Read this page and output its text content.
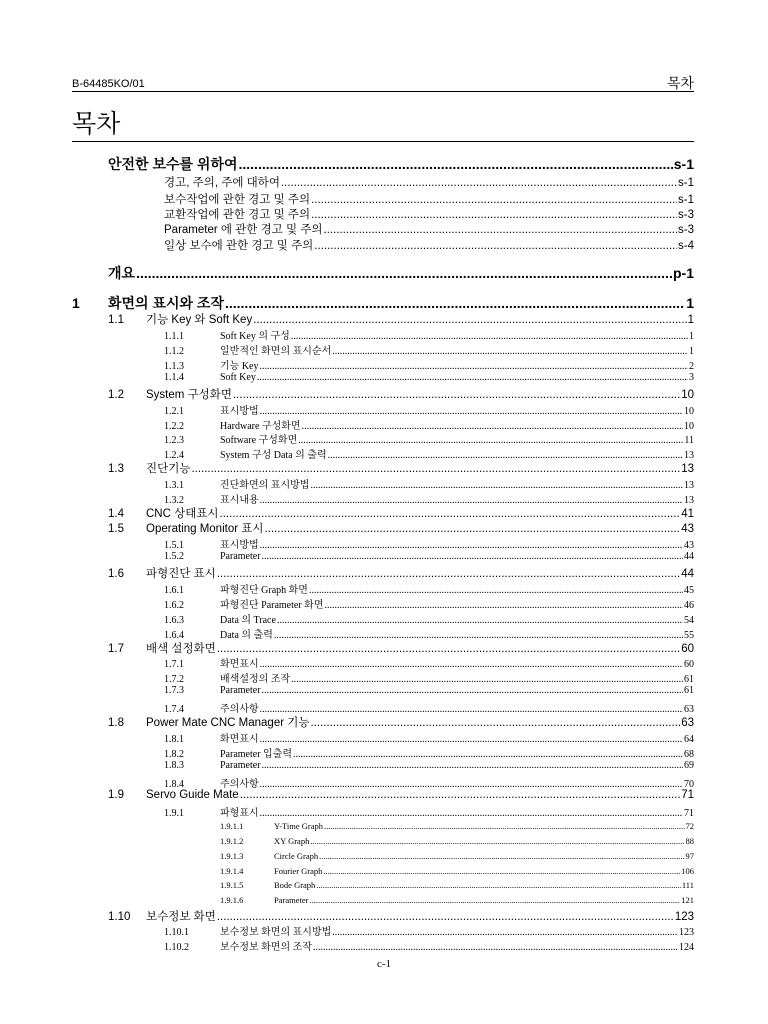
B-64485KO/01	목차
목차
안전한 보수를 위하여 .....	s-1
경고, 주의, 주에 대하여 .....	s-1
보수작업에 관한 경고 및 주의 .....	s-1
교환작업에 관한 경고 및 주의 .....	s-3
Parameter 에 관한 경고 및 주의 .....	s-3
일상 보수에 관한 경고 및 주의 .....	s-4
개요 .....	p-1
1	화면의 표시와 조작 .....	1
1.1	기능 Key 와 Soft Key .....	1
1.1.1	Soft Key 의 구성 .....	1
1.1.2	일반적인 화면의 표시순서 .....	1
1.1.3	기능 Key .....	2
1.1.4	Soft Key .....	3
1.2	System 구성화면 .....	10
1.2.1	표시방법 .....	10
1.2.2	Hardware 구성화면 .....	10
1.2.3	Software 구성화면 .....	11
1.2.4	System 구성 Data 의 출력 .....	13
1.3	진단기능 .....	13
1.3.1	진단화면의 표시방법 .....	13
1.3.2	표시내용 .....	13
1.4	CNC 상태표시 .....	41
1.5	Operating Monitor 표시 .....	43
1.5.1	표시방법 .....	43
1.5.2	Parameter .....	44
1.6	파형진단 표시 .....	44
1.6.1	파형진단 Graph 화면 .....	45
1.6.2	파형진단 Parameter 화면 .....	46
1.6.3	Data 의 Trace .....	54
1.6.4	Data 의 출력 .....	55
1.7	배색 설정화면 .....	60
1.7.1	화면표시 .....	60
1.7.2	배색설정의 조작 .....	61
1.7.3	Parameter .....	61
1.7.4	주의사항 .....	63
1.8	Power Mate CNC Manager 기능 .....	63
1.8.1	화면표시 .....	64
1.8.2	Parameter 입출력 .....	68
1.8.3	Parameter .....	69
1.8.4	주의사항 .....	70
1.9	Servo Guide Mate .....	71
1.9.1	파형표시 .....	71
1.9.1.1	Y-Time Graph .....	72
1.9.1.2	XY Graph .....	88
1.9.1.3	Circle Graph .....	97
1.9.1.4	Fourier Graph .....	106
1.9.1.5	Bode Graph .....	111
1.9.1.6	Parameter .....	121
1.10	보수정보 화면 .....	123
1.10.1	보수정보 화면의 표시방법 .....	123
1.10.2	보수정보 화면의 조작 .....	124
c-1
